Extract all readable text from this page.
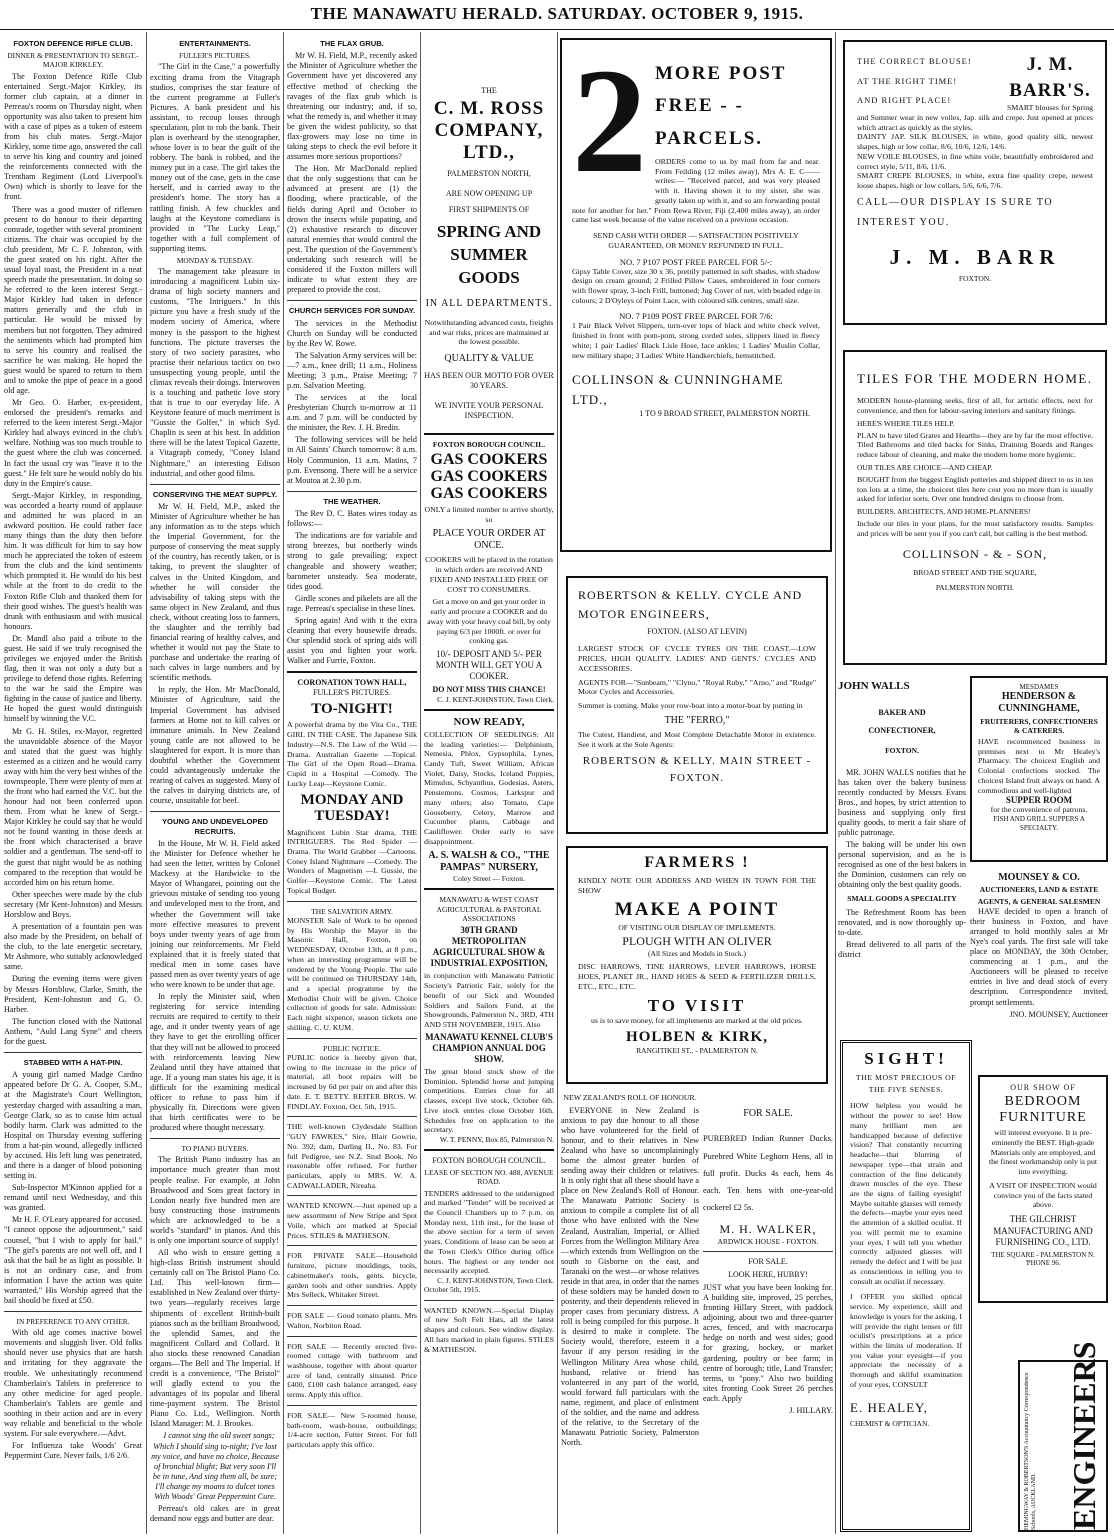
THE MANAWATU HERALD. SATURDAY. OCTOBER 9, 1915.
FOXTON DEFENCE RIFLE CLUB.
DINNER & PRESENTATION TO SERGT.-MAJOR KIRKLEY.

The Foxton Defence Rifle Club entertained Sergt.-Major Kirkley, its former club captain, at a dinner in Perreau's rooms on Thursday night, when opportunity was also taken to present him with a case of pipes as a token of esteem from his club mates. Sergt.-Major Kirkley, some time ago, answered the call to serve his king and country and joined the reinforcements connected with the Trentham Regiment (Lord Liverpool's Own) which is shortly to leave for the front.

There was a good muster of riflemen present to do honour to their departing comrade, together with several prominent citizens. The chair was occupied by the club president, Mr C. F. Johnston, with the guest seated on his right. After the usual loyal toast, the President in a neat speech made the presentation. In doing so he referred to the keen interest Sergt.-Major Kirkley had taken in defence matters generally and the club in particular. He would be missed by members but not forgotten. They admired the sentiments which had prompted him to serve his country and realised the sacrifice he was making. He hoped the guest would be spared to return to them and to smoke the pipe of peace in a good old age.

Mr Geo. O. Harber, ex-president, endorsed the president's remarks and referred to the keen interest Sergt.-Major Kirkley had always evinced in the club's welfare. Nothing was too much trouble to the guest where the club was concerned. In fact the usual cry was "leave it to the guest." He felt sure he would nobly do his duty in the Empire's cause.

Sergt.-Major Kirkley, in responding, was accorded a hearty round of applause and admitted he was placed in an awkward position. He could rather face many things than the duty then before him. It was difficult for him to say how much he appreciated the token of esteem from the club and the kind sentiments which prompted it. He would do his best while at the front to do credit to the Foxton Rifle Club and thanked them for their good wishes. The guest's health was drunk with enthusiasm and with musical honours.

Dr. Mandl also paid a tribute to the guest. He said if we truly recognised the privileges we enjoyed under the British flag, then it was not only a duty but a privilege to defend those rights. Referring to the war he said the Empire was fighting in the cause of justice and liberty. He hoped the guest would distinguish himself by winning the V.C.

Mr G. H. Stiles, ex-Mayor, regretted the unavoidable absence of the Mayor and stated that the guest was highly esteemed as a citizen and he would carry away with him the very best wishes of the townspeople. There were plenty of men at the front who had earned the V.C. but the honour had not been conferred upon them. From what he knew of Sergt.-Major Kirkley he could say that he would not be found wanting in those deeds at the front which characterised a brave soldier and a gentleman. The send-off to the guest that night would be as nothing compared to the reception that would be accorded him on his return home.

Other speeches were made by the club secretary (Mr Kent-Johnston) and Messrs Horsblow and Boys.

A presentation of a fountain pen was also made by the President, on behalf of the club, to the late energetic secretary, Mr Ashmore, who suitably acknowledged same.

During the evening items were given by Messrs Horsblow, Clarke, Smith, the President, Kent-Johnston and G. O. Harber.

The function closed with the National Anthem, "Auld Lang Syne" and cheers for the guest.

STABBED WITH A HAT-PIN.

A young girl named Madge Cardno appeared before Dr G. A. Cooper, S.M., at the Magistrate's Court Wellington, yesterday charged with assaulting a man, George Clark, so as to cause him actual bodily harm. Clark was admitted to the Hospital on Thursday evening suffering from a hat-pin wound, allegedly inflicted by accused. His left lung was penetrated, and there is a danger of blood poisoning setting in.

Sub-Inspector M'Kinnon applied for a remand until next Wednesday, and this was granted.

Mr H. F. O'Leary appeared for accused. "I cannot oppose the adjournment," said counsel, "but I wish to apply for bail." "The girl's parents are not well off, and I ask that the bail be as light as possible. It is not an ordinary case, and from information I have the action was quite warranted." His Worship agreed that the bail should be fixed at £50.

IN PREFERENCE TO ANY OTHER.

With old age comes inactive bowel movements and sluggish liver. Old folks should never use physics that are harsh and irritating for they aggravate the trouble. We unhesitatingly recommend Chamberlain's Tablets in preference to any other medicine for aged people. Chamberlain's Tablets are gentle and soothing in their action and are in every way reliable and beneficial to the whole system. For sale everywhere.—Advt.

For Influenza take Woods' Great Peppermint Cure. Never fails, 1/6 2/6.

ENTERTAINMENTS.
FULLER'S PICTURES.

"The Girl in the Case," a powerfully exciting drama from the Vitagraph studios, comprises the star feature of the current programme at Fuller's Pictures. A bank president and his assistant, to recoup losses through speculation, plot to rob the bank. Their plan is overheard by the stenographer, whose lover is to bear the guilt of the robbery. The bank is robbed, and the money put in a case. The girl takes the money out of the case, gets in the case herself, and is carried away to the president's home. The story has a rattling finish. A few chuckles and laughs at the Keystone comedians is provided in "The Lucky Leap," together with a full complement of supporting items.

MONDAY & TUESDAY.

The management take pleasure in introducing a magnificent Lubin six-drama of high society manners and customs, "The Intriguers." In this picture you have a fresh study of the modern society of America, where money is the passport to the highest functions. The picture traverses the story of two society parasites, who practise their nefarious tactics on two unsuspecting young people, until the climax reveals their doings. Interwoven is a touching and pathetic love story that is true to our everyday life. A Keystone feature of much merriment is "Gussie the Golfer," in which Syd. Chaplin is seen at his best. In addition there will be the latest Topical Gazette, a Vitagraph comedy, "Coney Island Nightmare," an interesting Edison industrial, and other good films.

CONSERVING THE MEAT SUPPLY.

Mr W. H. Field, M.P., asked the Minister of Agriculture whether he has any information as to the steps which the Imperial Government, for the purpose of conserving the meat supply of the country, has recently taken, or is taking, to prevent the slaughter of calves in the United Kingdom, and whether he will consider the advisability of taking steps with the same object in New Zealand, and thus check, without creating loss to farmers, the slaughter and the terribly bad financial rearing of healthy calves, and whether it would not pay the State to purchase and undertake the rearing of such calves in large numbers and by scientific methods.

In reply, the Hon. Mr MacDonald, Minister of Agriculture, said the Imperial Government has advised farmers at Home not to kill calves or immature animals. In New Zealand young cattle are not allowed to be slaughtered for export. It is more than doubtful whether the Government could advantageously undertake the rearing of calves as suggested. Many of the calves in dairying districts are, of course, unsuitable for beef.

YOUNG AND UNDEVELOPED RECRUITS.

In the House, Mr W. H. Field asked the Minister for Defence whether he had seen the letter, written by Colonel Mackesy at the Hardwicke to the Mayor of Whangarei, pointing out the grievous mistake of sending too young and undeveloped men to the front, and whether the Government will take more effective measures to prevent boys under twenty years of age from joining our reinforcements. Mr Field explained that it is freely stated that medical men in some cases have passed men as over twenty years of age who were known to be under that age.

In reply the Minister said, when registering for service intending recruits are required to certify to their age, and it under twenty years of age they have to get the enrolling officer that they will not be allowed to proceed with reinforcements leaving New Zealand until they have attained that age. If a young man states his age, it is difficult for the examining medical officer to refuse to pass him if physically fit. Directions were given that birth certificates were to be produced where thought necessary.

TO PIANO BUYERS.

The British Piano industry has an importance much greater than most people realise. For example, at John Broadwood and Sons great factory in London nearly five hundred men are busy constructing those instruments which are acknowledged to be a world's "standard" in pianos. And this is only one important source of supply!

All who wish to ensure getting a high-class British instrument should certainly call on The Bristol Piano Co. Ltd. This well-known firm—established in New Zealand over thirty-two years—regularly receives large shipments of excellent British-built pianos such as the brilliant Broadwood, the splendid Sames, and the magnificent Collard and Collard. It also stocks these renowned Canadian organs—The Bell and The Imperial. If credit is a convenience, "The Bristol" will gladly extend to you the advantages of its popular and liberal time-payment system. The Bristol Piano Co. Ltd., Wellington. North Island Manager: M. J. Brookes.

I cannot sing the old sweet songs; Which I should sing to-night; I've lost my voice, and have no choice, Because of bronchial blight; But very soon I'll be in tune, And sing them all, be sure; I'll change my moans to dulcet tones With Woods' Great Peppermint Cure.

Perreau's old cakes are in great demand now eggs and butter are dear.

THE FLAX GRUB.

Mr W. H. Field, M.P., recently asked the Minister of Agriculture whether the Government have yet discovered any effective method of checking the ravages of the flax grub which is threatening our industry; and, if so, what the remedy is, and whether it may be given the widest publicity, so that flax-growers may lose no time in taking steps to check the evil before it assumes more serious proportions?

The Hon. Mr MacDonald replied that the only suggestions that can be advanced at present are (1) the flooding, where practicable, of the fields during April and October to drown the insects while pupating, and (2) exhaustive research to discover natural enemies that would control the pest. The question of the Government's undertaking such research will be considered if the Foxton millers will indicate to what extent they are prepared to provide the cost.

CHURCH SERVICES FOR SUNDAY.

The services in the Methodist Church on Sunday will be conducted by the Rev W. Rowe.

The Salvation Army services will be:—7 a.m., knee drill; 11 a.m., Holiness Meeting; 3 p.m., Praise Meeting; 7 p.m. Salvation Meeting.

The services at the local Presbyterian Church to-morrow at 11 a.m. and 7 p.m. will be conducted by the minister, the Rev. J. H. Bredin.

The following services will be held in All Saints' Church tomorrow: 8 a.m. Holy Communion, 11 a.m. Matins, 7 p.m. Evensong. There will be a service at Moutoa at 2.30 p.m.

THE WEATHER.

The Rev D. C. Bates wires today as follows:—

The indications are for variable and strong breezes, but northerly winds strong to gale prevailing; expect changeable and showery weather; barometer unsteady. Sea moderate, tides good.

Girdle scones and pikelets are all the rage. Perreau's specialise in these lines.

Spring again! And with it the extra cleaning that every housewife dreads. Our splendid stock of spring aids will assist you and lighten your work. Walker and Furrie, Foxton.

CORONATION TOWN HALL,
FULLER'S PICTURES.
TO-NIGHT!

A powerful drama by the Vita Co., THE GIRL IN THE CASE. The Japanese Silk Industry—N.S. The Law of the Wild —Drama. Australian Gazette —Topical. The Girl of the Open Road—Drama. Cupid in a Hospital —Comedy. The Lucky Leap—Keystone Comic.

MONDAY AND TUESDAY!

Magnificent Lubin Star drama, THE INTRIGUERS. The Red Spider —Drama. The World Grabber —Cartoons. Coney Island Nightmare —Comedy. The Wonders of Magnetism —I. Gussie, the Golfer—Keystone Comic. The Latest Topical Budget.

THE SALVATION ARMY.

MONSTER Sale of Work to be opened by His Worship the Mayor in the Masonic Hall, Foxton, on WEDNESDAY, October 13th, at 8 p.m., when an interesting programme will be rendered by the Young People. The sale will be continued on THURSDAY 14th, and a special programme by the Methodist Choir will be given. Choice collection of goods for sale. Admission: Each night sixpence, season tickets one shilling. C. U. KUM.

PUBLIC NOTICE.

PUBLIC notice is hereby given that, owing to the increase in the price of material, all boot repairs will be increased by 6d per pair on and after this date. E. T. BETTY. REITER BROS. W. FINDLAY. Foxton, Oct. 5th, 1915.

THE well-known Clydesdale Stallion "GUY FAWKES," Sire, Blair Gowrie, No. 392; dam, Darling II., No. 83. For full Pedigree, see N.Z. Stud Book. No reasonable offer refused. For further particulars, apply to MRS. W. A. CADWALLADER, Nireaha.

WANTED KNOWN.—Just opened up a new assortment of New Stripe and Spot Voile, which are marked at Special Prices. STILES & MATHESON.

FOR PRIVATE SALE—Household furniture, picture mouldings, tools, cabinetmaker's tools, gents. bicycle, garden tools and other sundries. Apply Mrs Selleck, Whitaker Street.

FOR SALE — Good tomato plants. Mrs Walton, Norbiton Road.

FOR SALE — Recently erected five-roomed cottage with bathroom and washhouse, together with about quarter acre of land, centrally situated. Price £400, £100 cash balance arranged, easy terms. Apply this office.

FOR SALE— New 5-roomed house, bath-room, wash-house, outbuildings; 1/4-acre section, Futter Street. For full particulars apply this office.

THE
C. M. ROSS COMPANY, LTD.,
PALMERSTON NORTH,
ARE NOW OPENING UP
FIRST SHIPMENTS OF
SPRING AND SUMMER GOODS
IN ALL DEPARTMENTS.
Notwithstanding advanced costs, freights and war risks, prices are maintained at the lowest possible.
QUALITY & VALUE
HAS BEEN OUR MOTTO FOR OVER 30 YEARS.
WE INVITE YOUR PERSONAL INSPECTION.
FOXTON BOROUGH COUNCIL.
GAS COOKERS GAS COOKERS GAS COOKERS
ONLY a limited number to arrive shortly, so
PLACE YOUR ORDER AT ONCE.
COOKERS will be placed in the rotation in which orders are received AND FIXED AND INSTALLED FREE OF COST TO CONSUMERS.
Get a move on and get your order in early and procure a COOKER and do away with your heavy coal bill, by only paying 6/3 per 1000ft. or over for cooking gas.
10/- DEPOSIT AND 5/- PER MONTH WILL GET YOU A COOKER.
DO NOT MISS THIS CHANCE!
C. J. KENT-JOHNSTON, Town Clerk.
NOW READY,
COLLECTION OF SEEDLINGS: All the leading varieties:— Delphinium, Nemesia, Phlox, Gypsophila, Lynes, Candy Tuft, Sweet William, African Violet, Daisy, Stocks, Iceland Poppies, Mimulus, Schyanthus, Godesias, Asters, Penstemons, Cosmos, Larkspur and many others; also Tomato, Cape Gooseberry, Celery, Marrow and Cucumber plants, Cabbage and Cauliflower. Order early to save disappointment.
A. S. WALSH & CO., "THE PAMPAS" NURSERY,
Coley Street — Foxton.
MANAWATU & WEST COAST AGRICULTURAL & PASTORAL ASSOCIATIONS
30TH GRAND METROPOLITAN AGRICULTURAL SHOW & INDUSTRIAL EXPOSITION,
in conjunction with Manawatu Patriotic Society's Patriotic Fair, solely for the benefit of our Sick and Wounded Soldiers and Sailors Fund, at the Showgrounds, Palmerston N., 3RD, 4TH AND 5TH NOVEMBER, 1915. Also
MANAWATU KENNEL CLUB'S CHAMPION ANNUAL DOG SHOW.
The great blood stock show of the Dominion. Splendid horse and jumping competitions. Entries close for all classes, except live stock, October 6th. Live stock entries close October 16th. Schedules free on application to the secretary.
W. T. PENNY, Box 85, Palmerston N.
FOXTON BOROUGH COUNCIL.
LEASE OF SECTION NO. 488, AVENUE ROAD.
TENDERS addressed to the undersigned and marked "Tender" will be received at the Council Chambers up to 7 p.m. on Monday next, 11th inst., for the lease of the above section for a term of seven years. Conditions of lease can be seen at the Town Clerk's Office during office hours. The highest or any tender not necessarily accepted.
C. J. KENT-JOHNSTON, Town Clerk.
October 5th, 1915.
WANTED KNOWN.—Special Display of new Soft Felt Hats, all the latest shapes and colours. See window display. All hats marked in plain figures. STILES & MATHESON.
2 MORE POST FREE - - PARCELS.

ORDERS come to us by mail from far and near. From Feilding (12 miles away), Mrs A. E. C—— writes:— "Received parcel, and was very pleased with it. Having shown it to my sister, she was greatly taken up with it, and so am forwarding postal note for another for her." From Rewa River, Fiji (2,400 miles away), an order came last week because of the value received on a previous occasion.

SEND CASH WITH ORDER — SATISFACTION POSITIVELY GUARANTEED, OR MONEY REFUNDED IN FULL.

NO. 7 P107 POST FREE PARCEL FOR 5/-:

Gipsy Table Cover, size 30 x 36, prettily patterned in soft shades, with shadow design on cream ground; 2 Frilled Pillow Cases, embroidered in four corners with flower spray, 3-inch Frill, buttoned; Jug Cover of net, with beaded edge in colours; 2 D'Oyleys of Point Lace, with coloured silk centres, small size.

NO. 7 P109 POST FREE PARCEL FOR 7/6:

1 Pair Black Velvet Slippers, turn-over tops of black and white check velvet, finished in front with pom-pom, strong corded soles, slippers lined in fleecy white; 1 pair Ladies' Black Lisle Hose, lace ankles; 1 Ladies' Muslin Collar, new military shape; 3 Ladies' White Handkerchiefs, hemstitched.

COLLINSON & CUNNINGHAME LTD.,
1 TO 9 BROAD STREET, PALMERSTON NORTH.
ROBERTSON & KELLY. CYCLE AND MOTOR ENGINEERS,
FOXTON. (ALSO AT LEVIN)

LARGEST STOCK OF CYCLE TYRES ON THE COAST.—LOW PRICES, HIGH QUALITY. LADIES' AND GENTS.' CYCLES AND ACCESSORIES.

AGENTS FOR—"Sunbeam," "Clyno," "Royal Ruby," "Arno," and "Rudge" Motor Cycles and Accessories.

Summer is coming. Make your row-boat into a motor-boat by putting in

THE "FERRO,"

The Cutest, Handiest, and Most Complete Detachable Motor in existence. See it work at the Sole Agents:

ROBERTSON & KELLY. MAIN STREET - FOXTON.
FARMERS !

KINDLY NOTE OUR ADDRESS AND WHEN IN TOWN FOR THE SHOW

MAKE A POINT
OF VISITING OUR DISPLAY OF IMPLEMENTS.
PLOUGH WITH AN OLIVER
(All Sizes and Models in Stock.)

DISC HARROWS, TINE HARROWS, LEVER HARROWS, HORSE HOES, PLANET JR., HAND HOES & SEED & FERTILIZER DRILLS, ETC., ETC., ETC.

TO VISIT

us is to save money, for all implements are marked at the old prices.

HOLBEN & KIRK,
RANGITIKEI ST., - PALMERSTON N.
NEW ZEALAND'S ROLL OF HONOUR.

EVERYONE in New Zealand is anxious to pay due honour to all those who have volunteered for the field of honour, and to their relatives in New Zealand who have so uncomplainingly borne the almost greater burden of sending away their children or relatives. It is only right that all these should have a place on New Zealand's Roll of Honour. The Manawatu Patriotic Society is anxious to compile a complete list of all those who have enlisted with the New Zealand, Australian, Imperial, or Allied Forces from the Wellington Military Area—which extends from Wellington on the south to Gisborne on the east, and Taranaki on the west—or whose relatives reside in that area, in order that the names of these soldiers may be handed down to posterity, and their dependents relieved in proper cases from pecuniary distress. A roll is being compiled for this purpose. It is desired to make it complete. The Society would, therefore, esteem it a favour if any person residing in the Wellington Military Area whose child, husband, relative or friend has volunteered in any part of the world, would forward full particulars with the name, regiment, and place of enlistment of the soldier, and the name and address of the relative, to the Secretary of the Manawatu Patriotic Society, Palmerston North.

FOR SALE.

PUREBRED Indian Runner Ducks. Purebred White Leghorn Hens, all in full profit. Ducks 4s each, hens 4s each. Ten hens with one-year-old cockerel £2 5s.

M. H. WALKER,
ARDWICK HOUSE - FOXTON.
FOR SALE.
LOOK HERE, HUBBY!

JUST what you have been looking for. A building site, improved, 25 perches, fronting Hillary Street, with paddock adjoining, about two and three-quarter acres, fenced, and with macrocarpa hedge on north and west sides; good for grazing, hockey, or market gardening, poultry or bee farm; in centre of borough; title, Land Transfer; terms, to "pony." Also two building sites fronting Cook Street 26 perches each. Apply

J. HILLARY.
THE CORRECT BLOUSE!
AT THE RIGHT TIME!
AND RIGHT PLACE!
J. M. BARR'S.

SMART blouses for Spring and Summer wear in new voiles, Jap. silk and crepe. Just opened at prices which attract as quickly as the styles.

DAINTY JAP. SILK BLOUSES, in white, good quality silk, newest shapes, high or low collar, 8/6, 10/6, 12/6, 14/6.

NEW VOILE BLOUSES, in fine white voile, beautifully embroidered and correct style, 5/11, 8/6, 11/6.

SMART CREPE BLOUSES, in white, extra fine quality crepe, newest loose shapes, high or low collars, 5/6, 6/6, 7/6.

CALL—OUR DISPLAY IS SURE TO INTEREST YOU.
J. M. BARR
FOXTON.
TILES FOR THE MODERN HOME.

MODERN house-planning seeks, first of all, for artistic effects, next for convenience, and then for labour-saving interiors and sanitary fittings.

HERE'S WHERE TILES HELP.

PLAN to have tiled Grates and Hearths—they are by far the most effective. Tiled Bathrooms and tiled backs for Sinks, Draining Boards and Ranges reduce labour of cleaning, and make the modern home more hygienic.

OUR TILES ARE CHOICE—AND CHEAP.

BOUGHT from the biggest English potteries and shipped direct to us in ten ton lots at a time, the choicest tiles here cost you no more than is usually asked for inferior sorts. Over one hundred designs to choose from.

BUILDERS, ARCHITECTS, AND HOME-PLANNERS!

Include our tiles in your plans, for the most satisfactory results. Samples and prices will be sent you if you can't call, but calling is the best method.

COLLINSON - & - SON,
BROAD STREET AND THE SQUARE,
PALMERSTON NORTH.
JOHN WALLS
BAKER AND CONFECTIONER,
FOXTON.

MR. JOHN WALLS notifies that he has taken over the bakery business recently conducted by Messrs Evans Bros., and hopes, by strict attention to business and supplying only first quality goods, to merit a fair share of public patronage.

The baking will be under his own personal supervision, and as he is recognised as one of the best bakers in the Dominion, customers can rely on obtaining only the best quality goods.

SMALL GOODS A SPECIALITY

The Refreshment Room has been renovated, and is now thoroughly up-to-date.

Bread delivered to all parts of the district

MESDAMES
HENDERSON & CUNNINGHAME,
FRUITERERS, CONFECTIONERS & CATERERS.

HAVE recommenced business in premises next to Mr Healey's Pharmacy. The choicest English and Colonial confections stocked. The choicest Island fruit always on hand. A commodious and well-lighted

SUPPER ROOM
for the convenience of patrons.
FISH AND GRILL SUPPERS A SPECIALTY.
MOUNSEY & CO.
AUCTIONEERS, LAND & ESTATE AGENTS, & GENERAL SALESMEN

HAVE decided to open a branch of their business in Foxton, and have arranged to hold monthly sales at Mr Nye's coal yards. The first sale will take place on MONDAY, the 30th October, commencing at 1 p.m., and the Auctioneers will be pleased to receive entries in live and dead stock of every description. Correspondence invited, prompt settlements.

JNO. MOUNSEY, Auctioneer
SIGHT!
THE MOST PRECIOUS OF THE FIVE SENSES.

HOW helpless you would be without the power to see! How many brilliant men are handicapped because of defective vision? That constantly recurring headache—that blurring of newspaper type—that strain and contraction of the fine delicately drawn muscles of the eye. These are the signs of failing eyesight! Maybe suitable glasses will remedy the defects—maybe your eyes need the attention of a skilled oculist. If you will permit me to examine your eyes, I will tell you whether correctly adjusted glasses will remedy the defect and I will be just as conscientious in telling you to consult an oculist if necessary.

I OFFER you skilled optical service. My experience, skill and knowledge is yours for the asking. I will provide the right lenses or fill oculist's prescriptions at a price within the limits of moderation. If you value your eyesight—if you appreciate the necessity of a thorough and skilful examination of your eyes, CONSULT

E. HEALEY,
CHEMIST & OPTICIAN.
OUR SHOW OF
BEDROOM FURNITURE

will interest everyone. It is pre-eminently the BEST. High-grade Materials only are employed, and the finest workmanship only is put into everything.

A VISIT OF INSPECTION would convince you of the facts stated above.

THE GILCHRIST MANUFACTURING AND FURNISHING CO., LTD.
THE SQUARE - PALMERSTON N.
'PHONE 96.
ENGINEERS
HEMINGWAY & ROBERTSON'S Accountancy Correspondence Schools, AUCKLAND.
